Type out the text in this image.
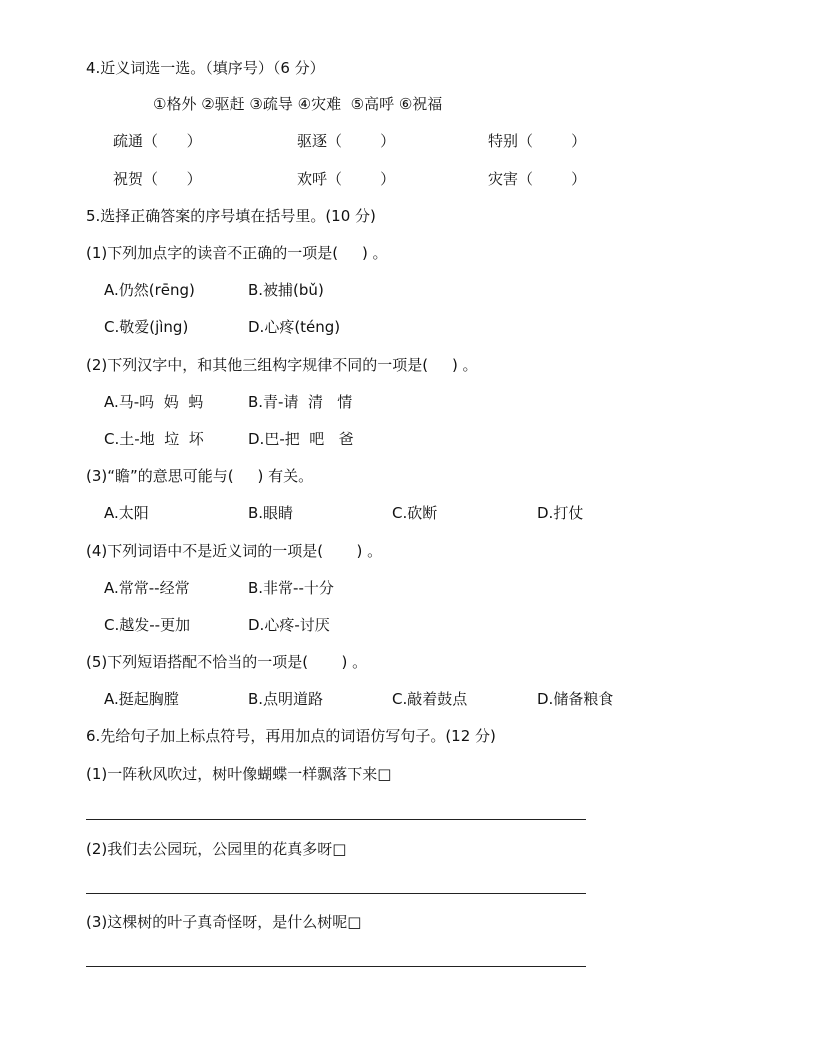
4.近义词选一选。（填序号）（6 分）
①格外 ②驱赶 ③疏导 ④灾难  ⑤高呼 ⑥祝福
疏通（      ）	驱逐（        ）	特别（        ）
祝贺（      ）	欢呼（        ）	灾害（        ）
5.选择正确答案的序号填在括号里。(10 分)
(1)下列加点字的读音不正确的一项是(     ) 。
A.仍然(rēng)	B.被捕(bǔ)
C.敬爱(jìng)	D.心疼(téng)
(2)下列汉字中，和其他三组构字规律不同的一项是(     ) 。
A.马-吗  妈  蚂	B.青-请  清   情
C.土-地  垃  坏	D.巴-把  吧   爸
(3)“瞻”的意思可能与(     ) 有关。
A.太阳	B.眼睛	C.砍断	D.打仗
(4)下列词语中不是近义词的一项是(       ) 。
A.常常--经常	B.非常--十分
C.越发--更加	D.心疼-讨厌
(5)下列短语搭配不恰当的一项是(       ) 。
A.挺起胸膛	B.点明道路	C.敲着鼓点	D.储备粮食
6.先给句子加上标点符号，再用加点的词语仿写句子。(12 分)
(1)一阵秋风吹过，树叶像蝴蝶一样飘落下来□
(2)我们去公园玩，公园里的花真多呀□
(3)这棵树的叶子真奇怪呀，是什么树呢□
